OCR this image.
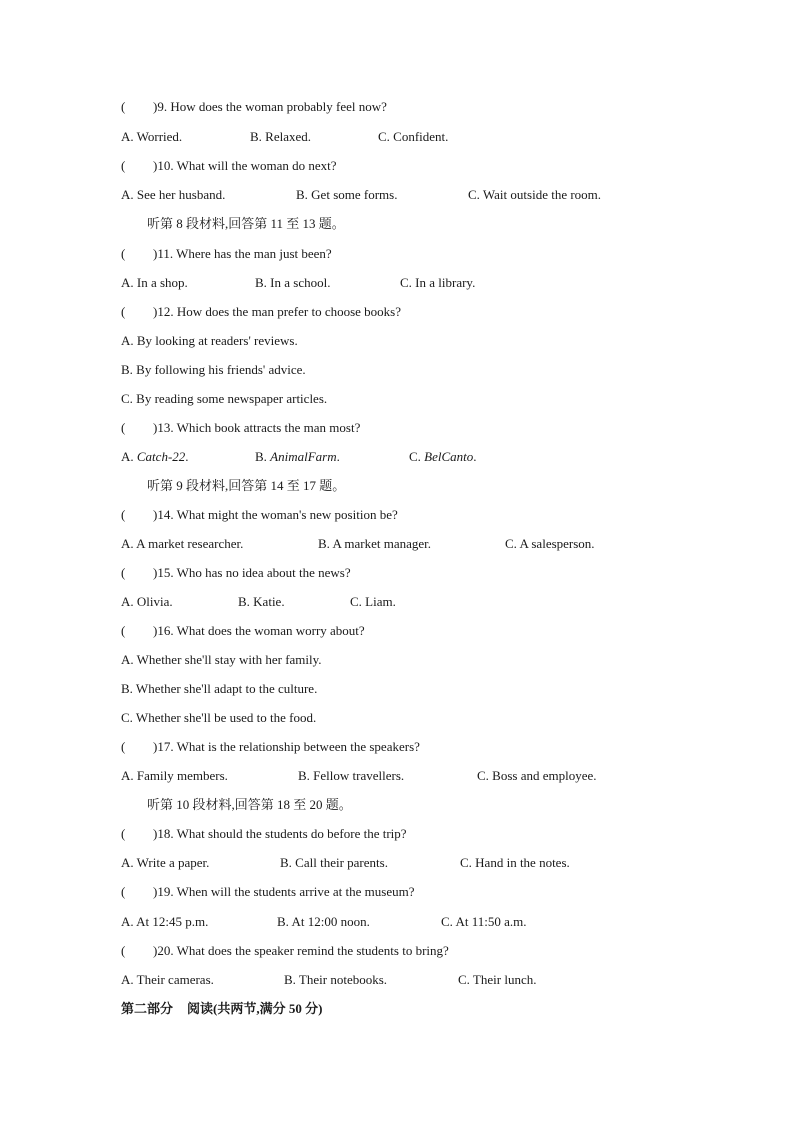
( )9. How does the woman probably feel now?
A. Worried.	B. Relaxed.	C. Confident.
( )10. What will the woman do next?
A. See her husband.	B. Get some forms.	C. Wait outside the room.
听第 8 段材料,回答第 11 至 13 题。
( )11. Where has the man just been?
A. In a shop.	B. In a school.	C. In a library.
( )12. How does the man prefer to choose books?
A. By looking at readers' reviews.
B. By following his friends' advice.
C. By reading some newspaper articles.
( )13. Which book attracts the man most?
A. Catch-22.	B. AnimalFarm.	C. BelCanto.
听第 9 段材料,回答第 14 至 17 题。
( )14. What might the woman's new position be?
A. A market researcher.	B. A market manager.	C. A salesperson.
( )15. Who has no idea about the news?
A. Olivia.	B. Katie.	C. Liam.
( )16. What does the woman worry about?
A. Whether she'll stay with her family.
B. Whether she'll adapt to the culture.
C. Whether she'll be used to the food.
( )17. What is the relationship between the speakers?
A. Family members.	B. Fellow travellers.	C. Boss and employee.
听第 10 段材料,回答第 18 至 20 题。
( )18. What should the students do before the trip?
A. Write a paper.	B. Call their parents.	C. Hand in the notes.
( )19. When will the students arrive at the museum?
A. At 12:45 p.m.	B. At 12:00 noon.	C. At 11:50 a.m.
( )20. What does the speaker remind the students to bring?
A. Their cameras.	B. Their notebooks.	C. Their lunch.
第二部分 阅读(共两节,满分 50 分)
